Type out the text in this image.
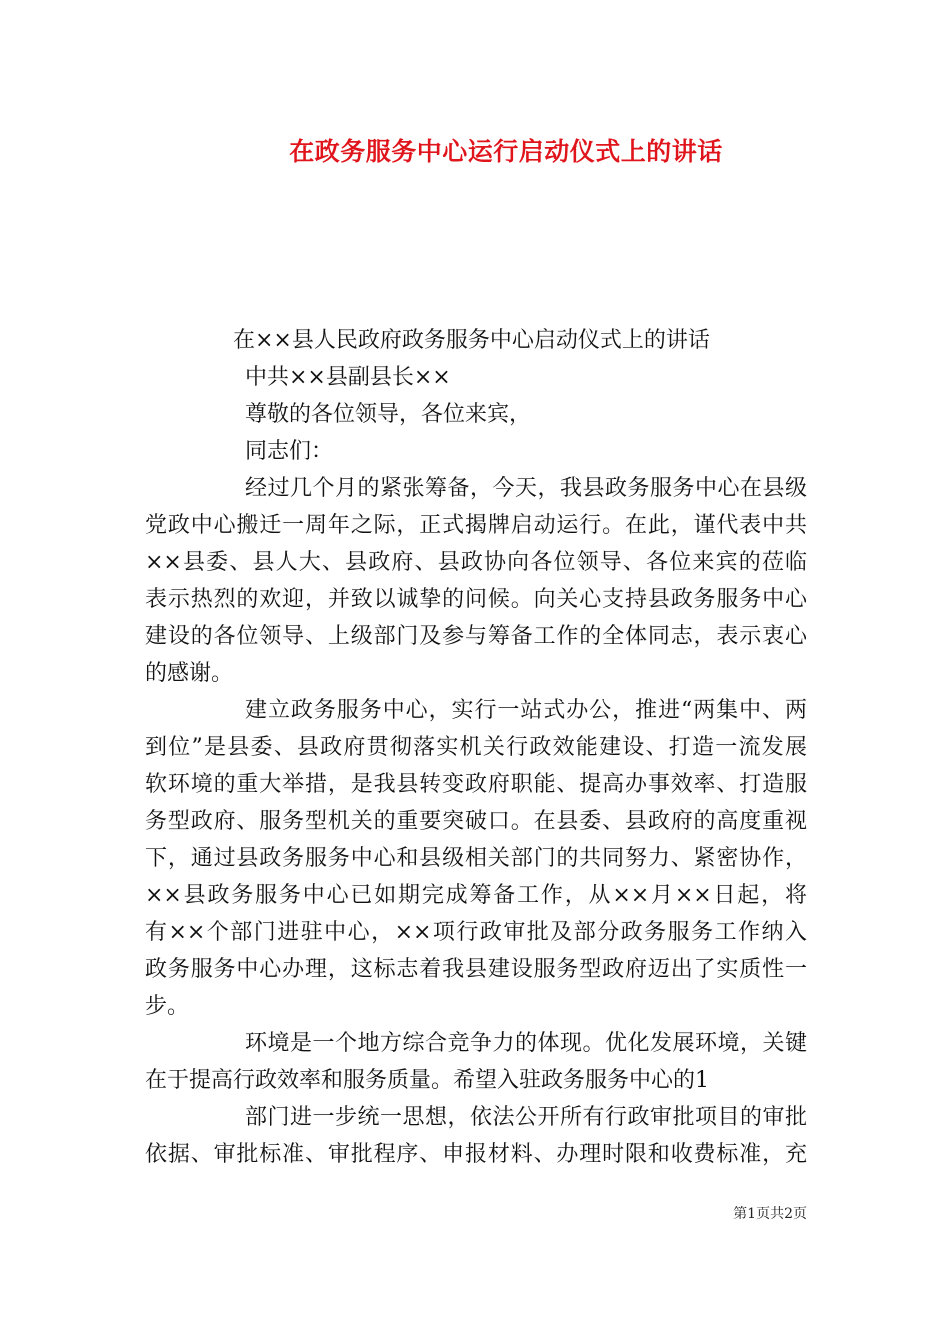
在政务服务中心运行启动仪式上的讲话
在××县人民政府政务服务中心启动仪式上的讲话
中共××县副县长××
尊敬的各位领导，各位来宾，
同志们：
经过几个月的紧张筹备，今天，我县政务服务中心在县级
党政中心搬迁一周年之际，正式揭牌启动运行。在此，谨代表中共
××县委、县人大、县政府、县政协向各位领导、各位来宾的莅临
表示热烈的欢迎，并致以诚挚的问候。向关心支持县政务服务中心
建设的各位领导、上级部门及参与筹备工作的全体同志，表示衷心
的感谢。
建立政务服务中心，实行一站式办公，推进“两集中、两
到位”是县委、县政府贯彻落实机关行政效能建设、打造一流发展
软环境的重大举措，是我县转变政府职能、提高办事效率、打造服
务型政府、服务型机关的重要突破口。在县委、县政府的高度重视
下，通过县政务服务中心和县级相关部门的共同努力、紧密协作，
××县政务服务中心已如期完成筹备工作，从××月××日起，将
有××个部门进驻中心，××项行政审批及部分政务服务工作纳入
政务服务中心办理，这标志着我县建设服务型政府迈出了实质性一
步。
环境是一个地方综合竞争力的体现。优化发展环境，关键
在于提高行政效率和服务质量。希望入驻政务服务中心的1
部门进一步统一思想，依法公开所有行政审批项目的审批
依据、审批标准、审批程序、申报材料、办理时限和收费标准，充
第1页共2页
